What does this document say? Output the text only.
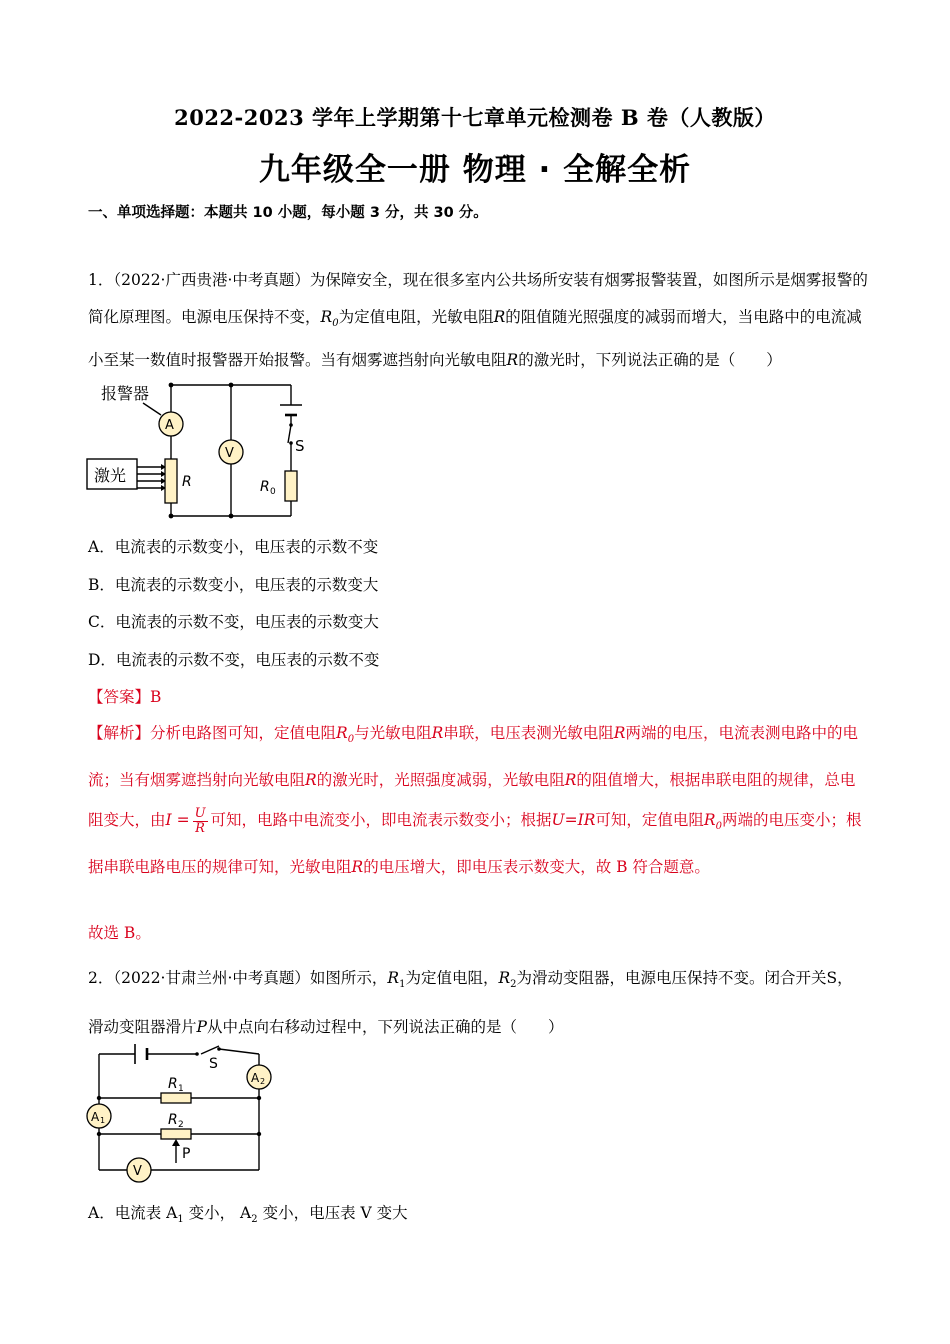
2022-2023 学年上学期第十七章单元检测卷 B 卷（人教版）
九年级全一册 物理 · 全解全析
一、单项选择题：本题共 10 小题，每小题 3 分，共 30 分。
1．（2022·广西贵港·中考真题）为保障安全，现在很多室内公共场所安装有烟雾报警装置，如图所示是烟雾报警的简化原理图。电源电压保持不变，$R_0$为定值电阻，光敏电阻R的阻值随光照强度的减弱而增大，当电路中的电流减小至某一数值时报警器开始报警。当有烟雾遮挡射向光敏电阻R的激光时，下列说法正确的是（　　）
报警器
A
V
激光	R	R 0
S
A．电流表的示数变小，电压表的示数不变
B．电流表的示数变小，电压表的示数变大
C．电流表的示数不变，电压表的示数变大
D．电流表的示数不变，电压表的示数不变
【答案】B
【解析】分析电路图可知，定值电阻$R_0$与光敏电阻R串联，电压表测光敏电阻R两端的电压，电流表测电路中的电流；当有烟雾遮挡射向光敏电阻R的激光时，光照强度减弱，光敏电阻R的阻值增大，根据串联电阻的规律，总电阻变大，由$I = \frac{U}{R}$ 可知，电路中电流变小，即电流表示数变小；根据U=IR可知，定值电阻$R_0$两端的电压变小；根据串联电路电压的规律可知，光敏电阻R的电压增大，即电压表示数变大，故 B 符合题意。
故选 B。
2．（2022·甘肃兰州·中考真题）如图所示，$R_1$为定值电阻，$R_2$为滑动变阻器，电源电压保持不变。闭合开关S，滑动变阻器滑片P从中点向右移动过程中，下列说法正确的是（　　）
S
A 2
A 1
R 1
R 2
P
V
A．电流表 $A_1$ 变小， $A_2$ 变小，电压表 V 变大
